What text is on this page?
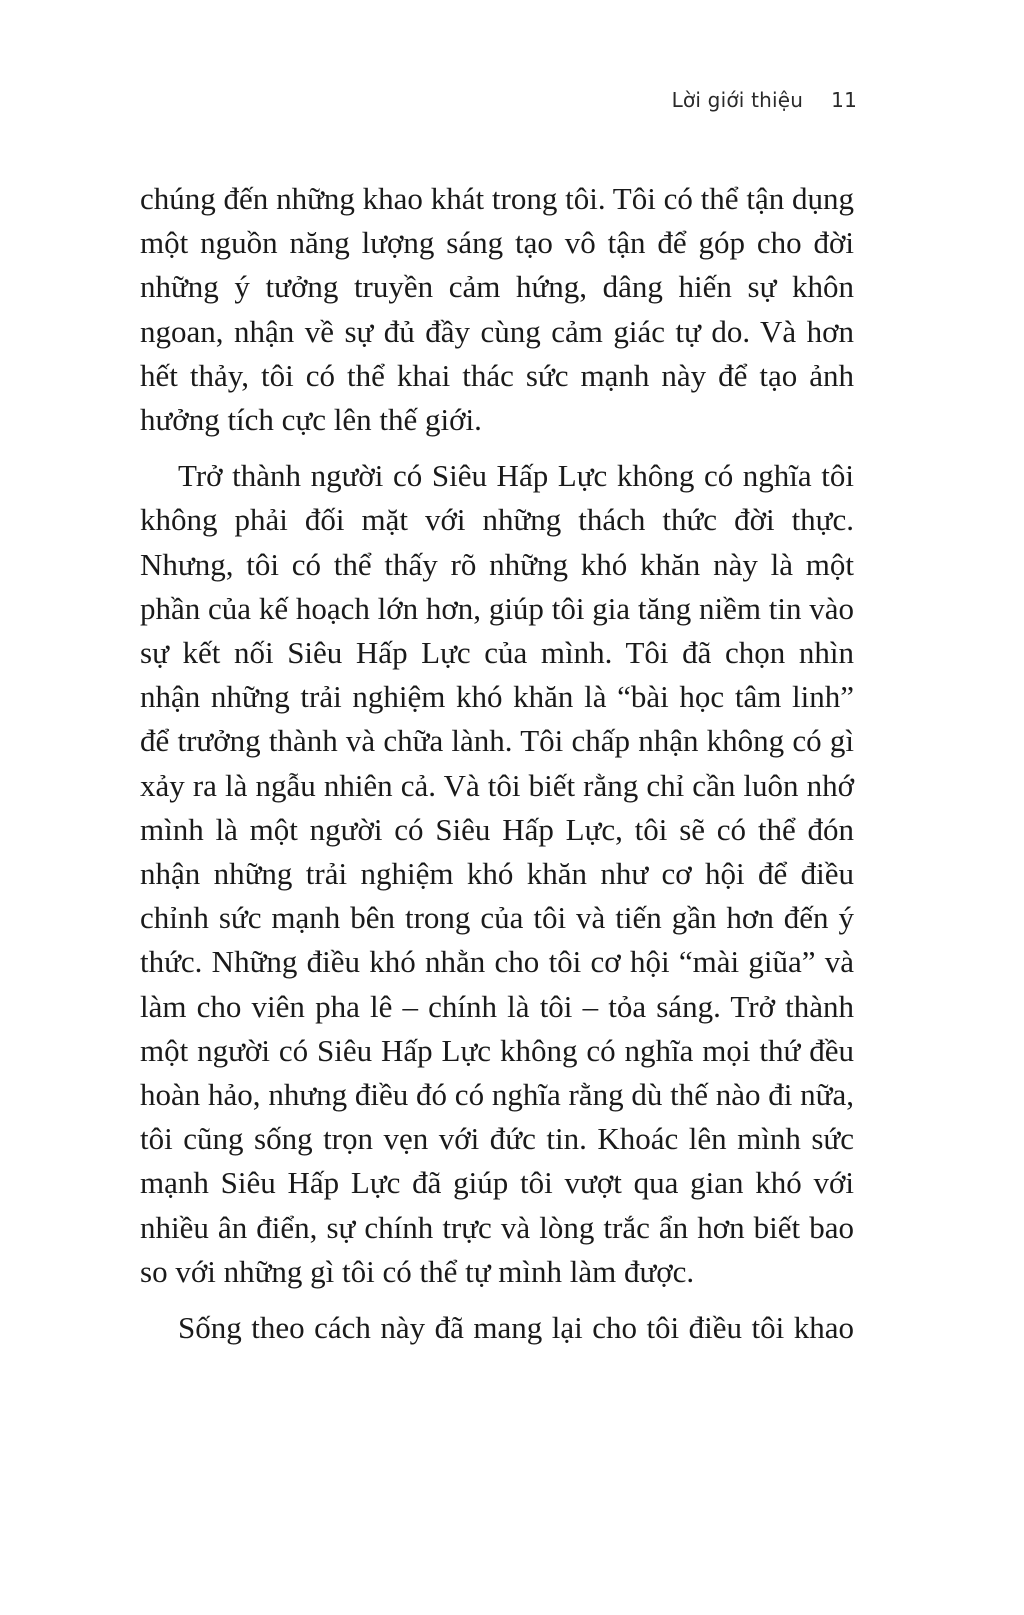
Lời giới thiệu 11

chúng đến những khao khát trong tôi. Tôi có thể tận dụng một nguồn năng lượng sáng tạo vô tận để góp cho đời những ý tưởng truyền cảm hứng, dâng hiến sự khôn ngoan, nhận về sự đủ đầy cùng cảm giác tự do. Và hơn hết thảy, tôi có thể khai thác sức mạnh này để tạo ảnh hưởng tích cực lên thế giới.

Trở thành người có Siêu Hấp Lực không có nghĩa tôi không phải đối mặt với những thách thức đời thực. Nhưng, tôi có thể thấy rõ những khó khăn này là một phần của kế hoạch lớn hơn, giúp tôi gia tăng niềm tin vào sự kết nối Siêu Hấp Lực của mình. Tôi đã chọn nhìn nhận những trải nghiệm khó khăn là “bài học tâm linh” để trưởng thành và chữa lành. Tôi chấp nhận không có gì xảy ra là ngẫu nhiên cả. Và tôi biết rằng chỉ cần luôn nhớ mình là một người có Siêu Hấp Lực, tôi sẽ có thể đón nhận những trải nghiệm khó khăn như cơ hội để điều chỉnh sức mạnh bên trong của tôi và tiến gần hơn đến ý thức. Những điều khó nhằn cho tôi cơ hội “mài giũa” và làm cho viên pha lê – chính là tôi – tỏa sáng. Trở thành một người có Siêu Hấp Lực không có nghĩa mọi thứ đều hoàn hảo, nhưng điều đó có nghĩa rằng dù thế nào đi nữa, tôi cũng sống trọn vẹn với đức tin. Khoác lên mình sức mạnh Siêu Hấp Lực đã giúp tôi vượt qua gian khó với nhiều ân điển, sự chính trực và lòng trắc ẩn hơn biết bao so với những gì tôi có thể tự mình làm được.

Sống theo cách này đã mang lại cho tôi điều tôi khao
